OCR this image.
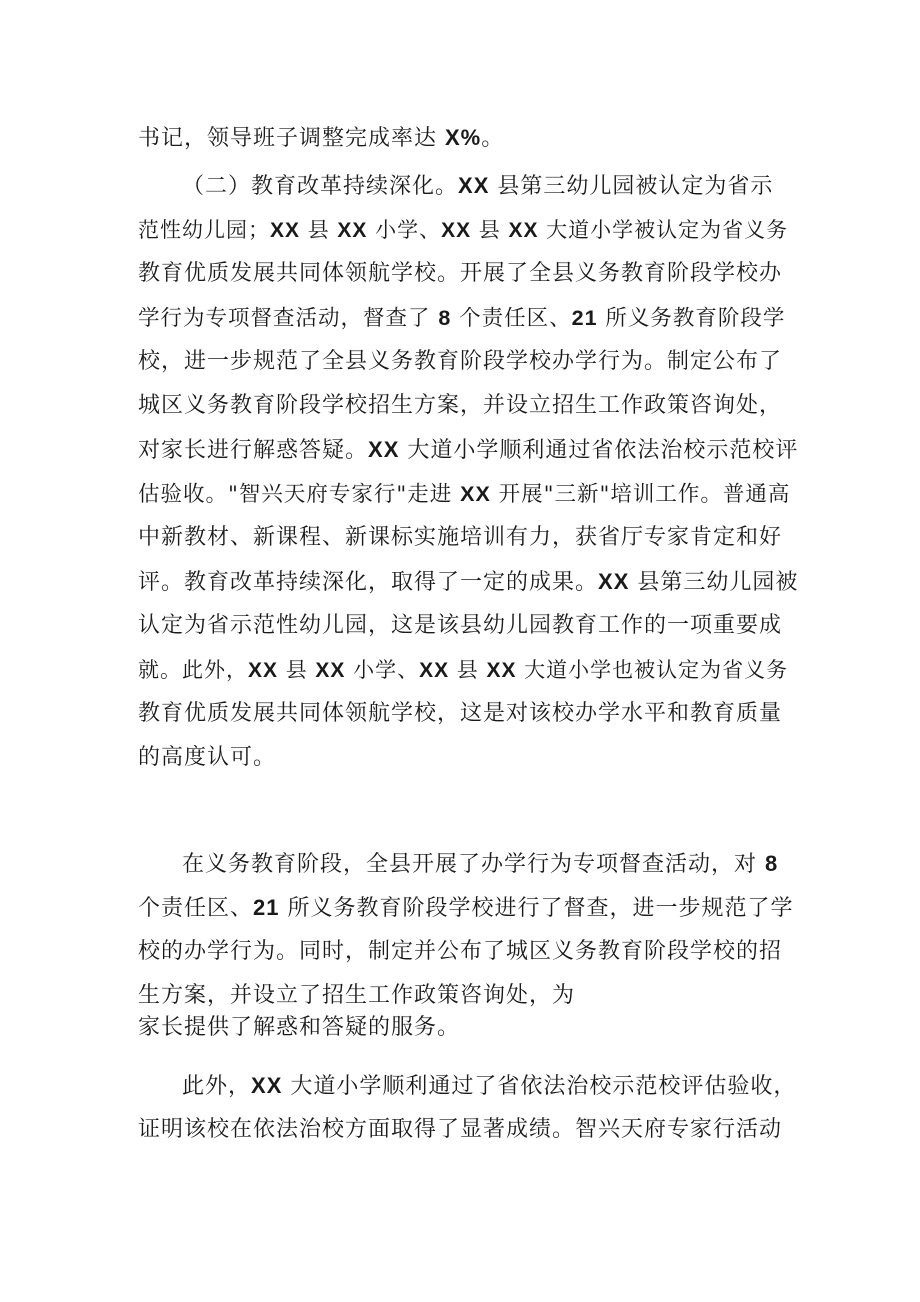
书记，领导班子调整完成率达 X%。
（二）教育改革持续深化。XX 县第三幼儿园被认定为省示
范性幼儿园；XX 县 XX 小学、XX 县 XX 大道小学被认定为省义务
教育优质发展共同体领航学校。开展了全县义务教育阶段学校办
学行为专项督查活动，督查了 8 个责任区、21 所义务教育阶段学
校，进一步规范了全县义务教育阶段学校办学行为。制定公布了
城区义务教育阶段学校招生方案，并设立招生工作政策咨询处，
对家长进行解惑答疑。XX 大道小学顺利通过省依法治校示范校评
估验收。"智兴天府专家行"走进 XX 开展"三新"培训工作。普通高
中新教材、新课程、新课标实施培训有力，获省厅专家肯定和好
评。教育改革持续深化，取得了一定的成果。XX 县第三幼儿园被
认定为省示范性幼儿园，这是该县幼儿园教育工作的一项重要成
就。此外，XX 县 XX 小学、XX 县 XX 大道小学也被认定为省义务
教育优质发展共同体领航学校，这是对该校办学水平和教育质量
的高度认可。
在义务教育阶段，全县开展了办学行为专项督查活动，对 8
个责任区、21 所义务教育阶段学校进行了督查，进一步规范了学
校的办学行为。同时，制定并公布了城区义务教育阶段学校的招
生方案，并设立了招生工作政策咨询处，为
家长提供了解惑和答疑的服务。
此外，XX 大道小学顺利通过了省依法治校示范校评估验收，
证明该校在依法治校方面取得了显著成绩。智兴天府专家行活动
